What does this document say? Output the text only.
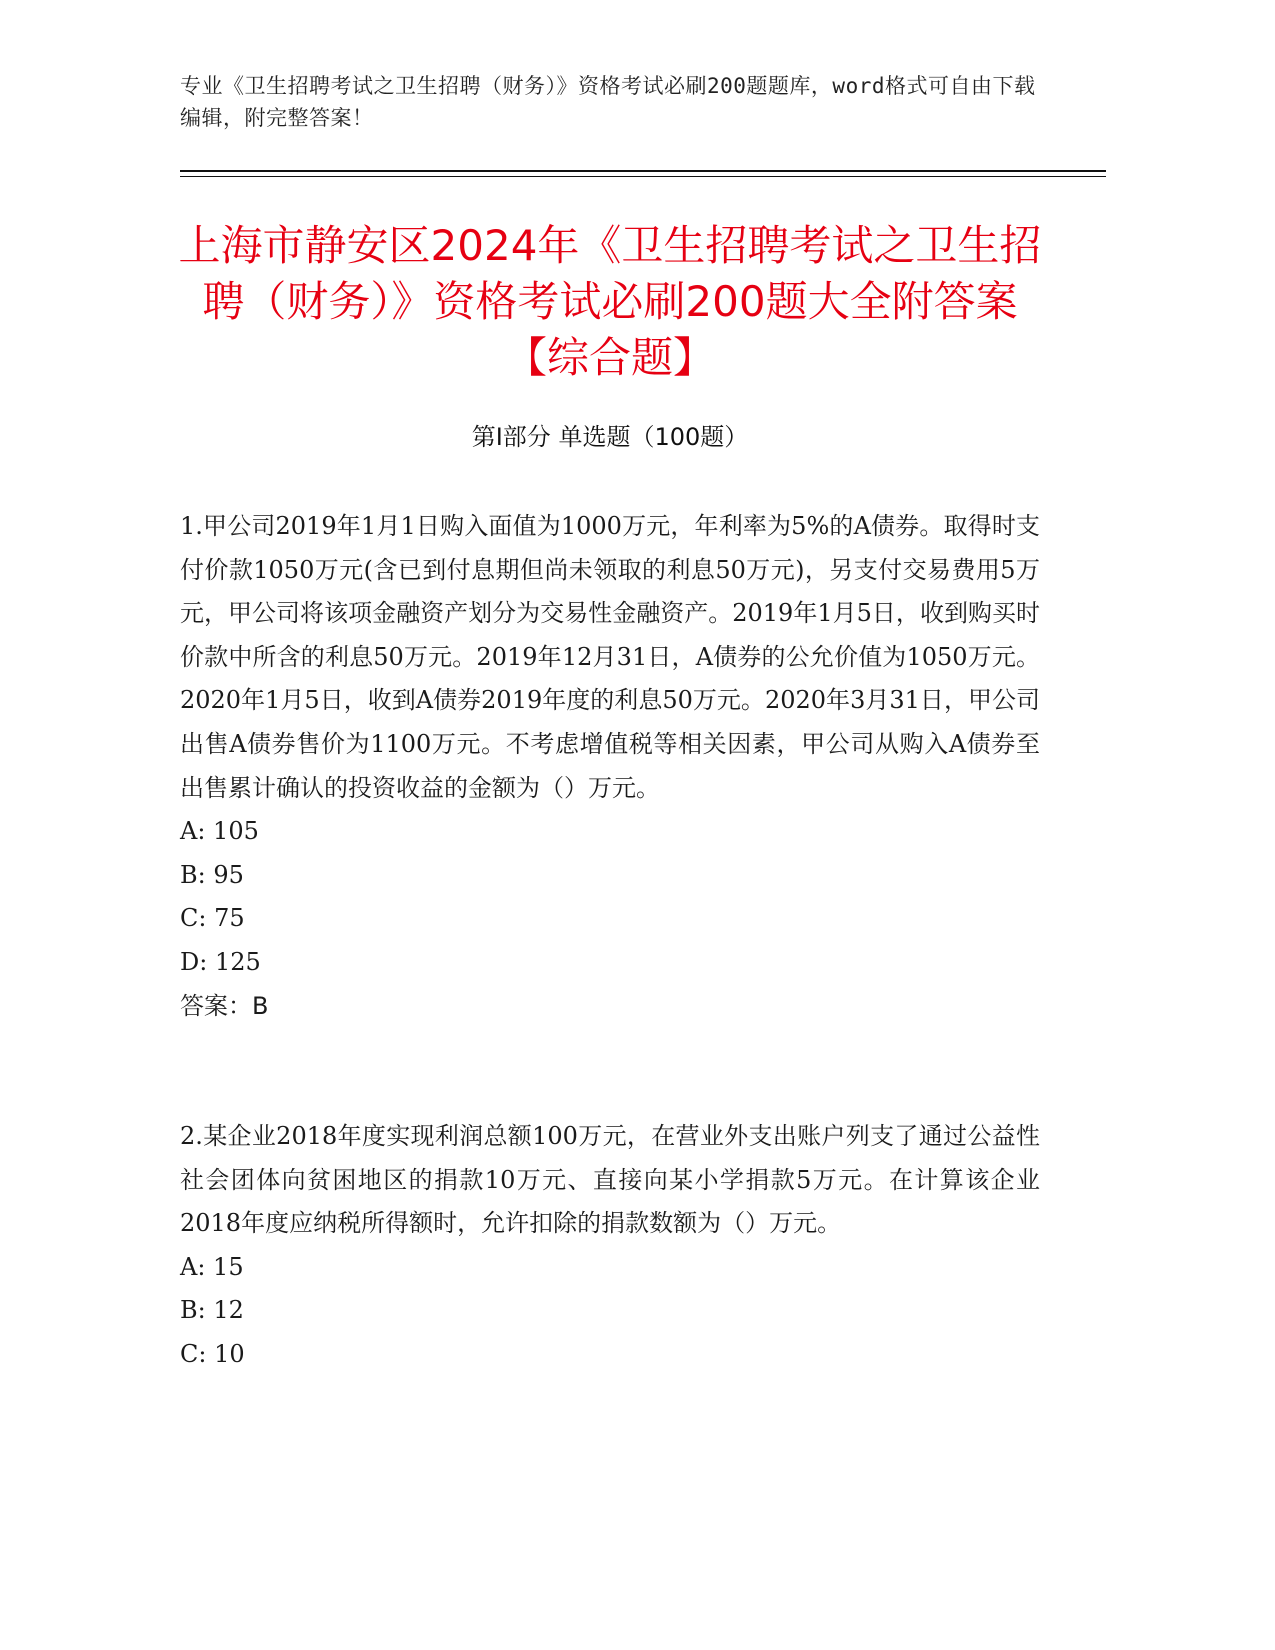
专业《卫生招聘考试之卫生招聘（财务）》资格考试必刷200题题库，word格式可自由下载编辑，附完整答案！
上海市静安区2024年《卫生招聘考试之卫生招聘（财务）》资格考试必刷200题大全附答案【综合题】
第I部分 单选题（100题）
1.甲公司2019年1月1日购入面值为1000万元，年利率为5%的A债券。取得时支付价款1050万元(含已到付息期但尚未领取的利息50万元)，另支付交易费用5万元，甲公司将该项金融资产划分为交易性金融资产。2019年1月5日，收到购买时价款中所含的利息50万元。2019年12月31日，A债券的公允价值为1050万元。2020年1月5日，收到A债券2019年度的利息50万元。2020年3月31日，甲公司出售A债券售价为1100万元。不考虑增值税等相关因素，甲公司从购入A债券至出售累计确认的投资收益的金额为（）万元。
A: 105
B: 95
C: 75
D: 125
答案：B
2.某企业2018年度实现利润总额100万元，在营业外支出账户列支了通过公益性社会团体向贫困地区的捐款10万元、直接向某小学捐款5万元。在计算该企业2018年度应纳税所得额时，允许扣除的捐款数额为（）万元。
A: 15
B: 12
C: 10
